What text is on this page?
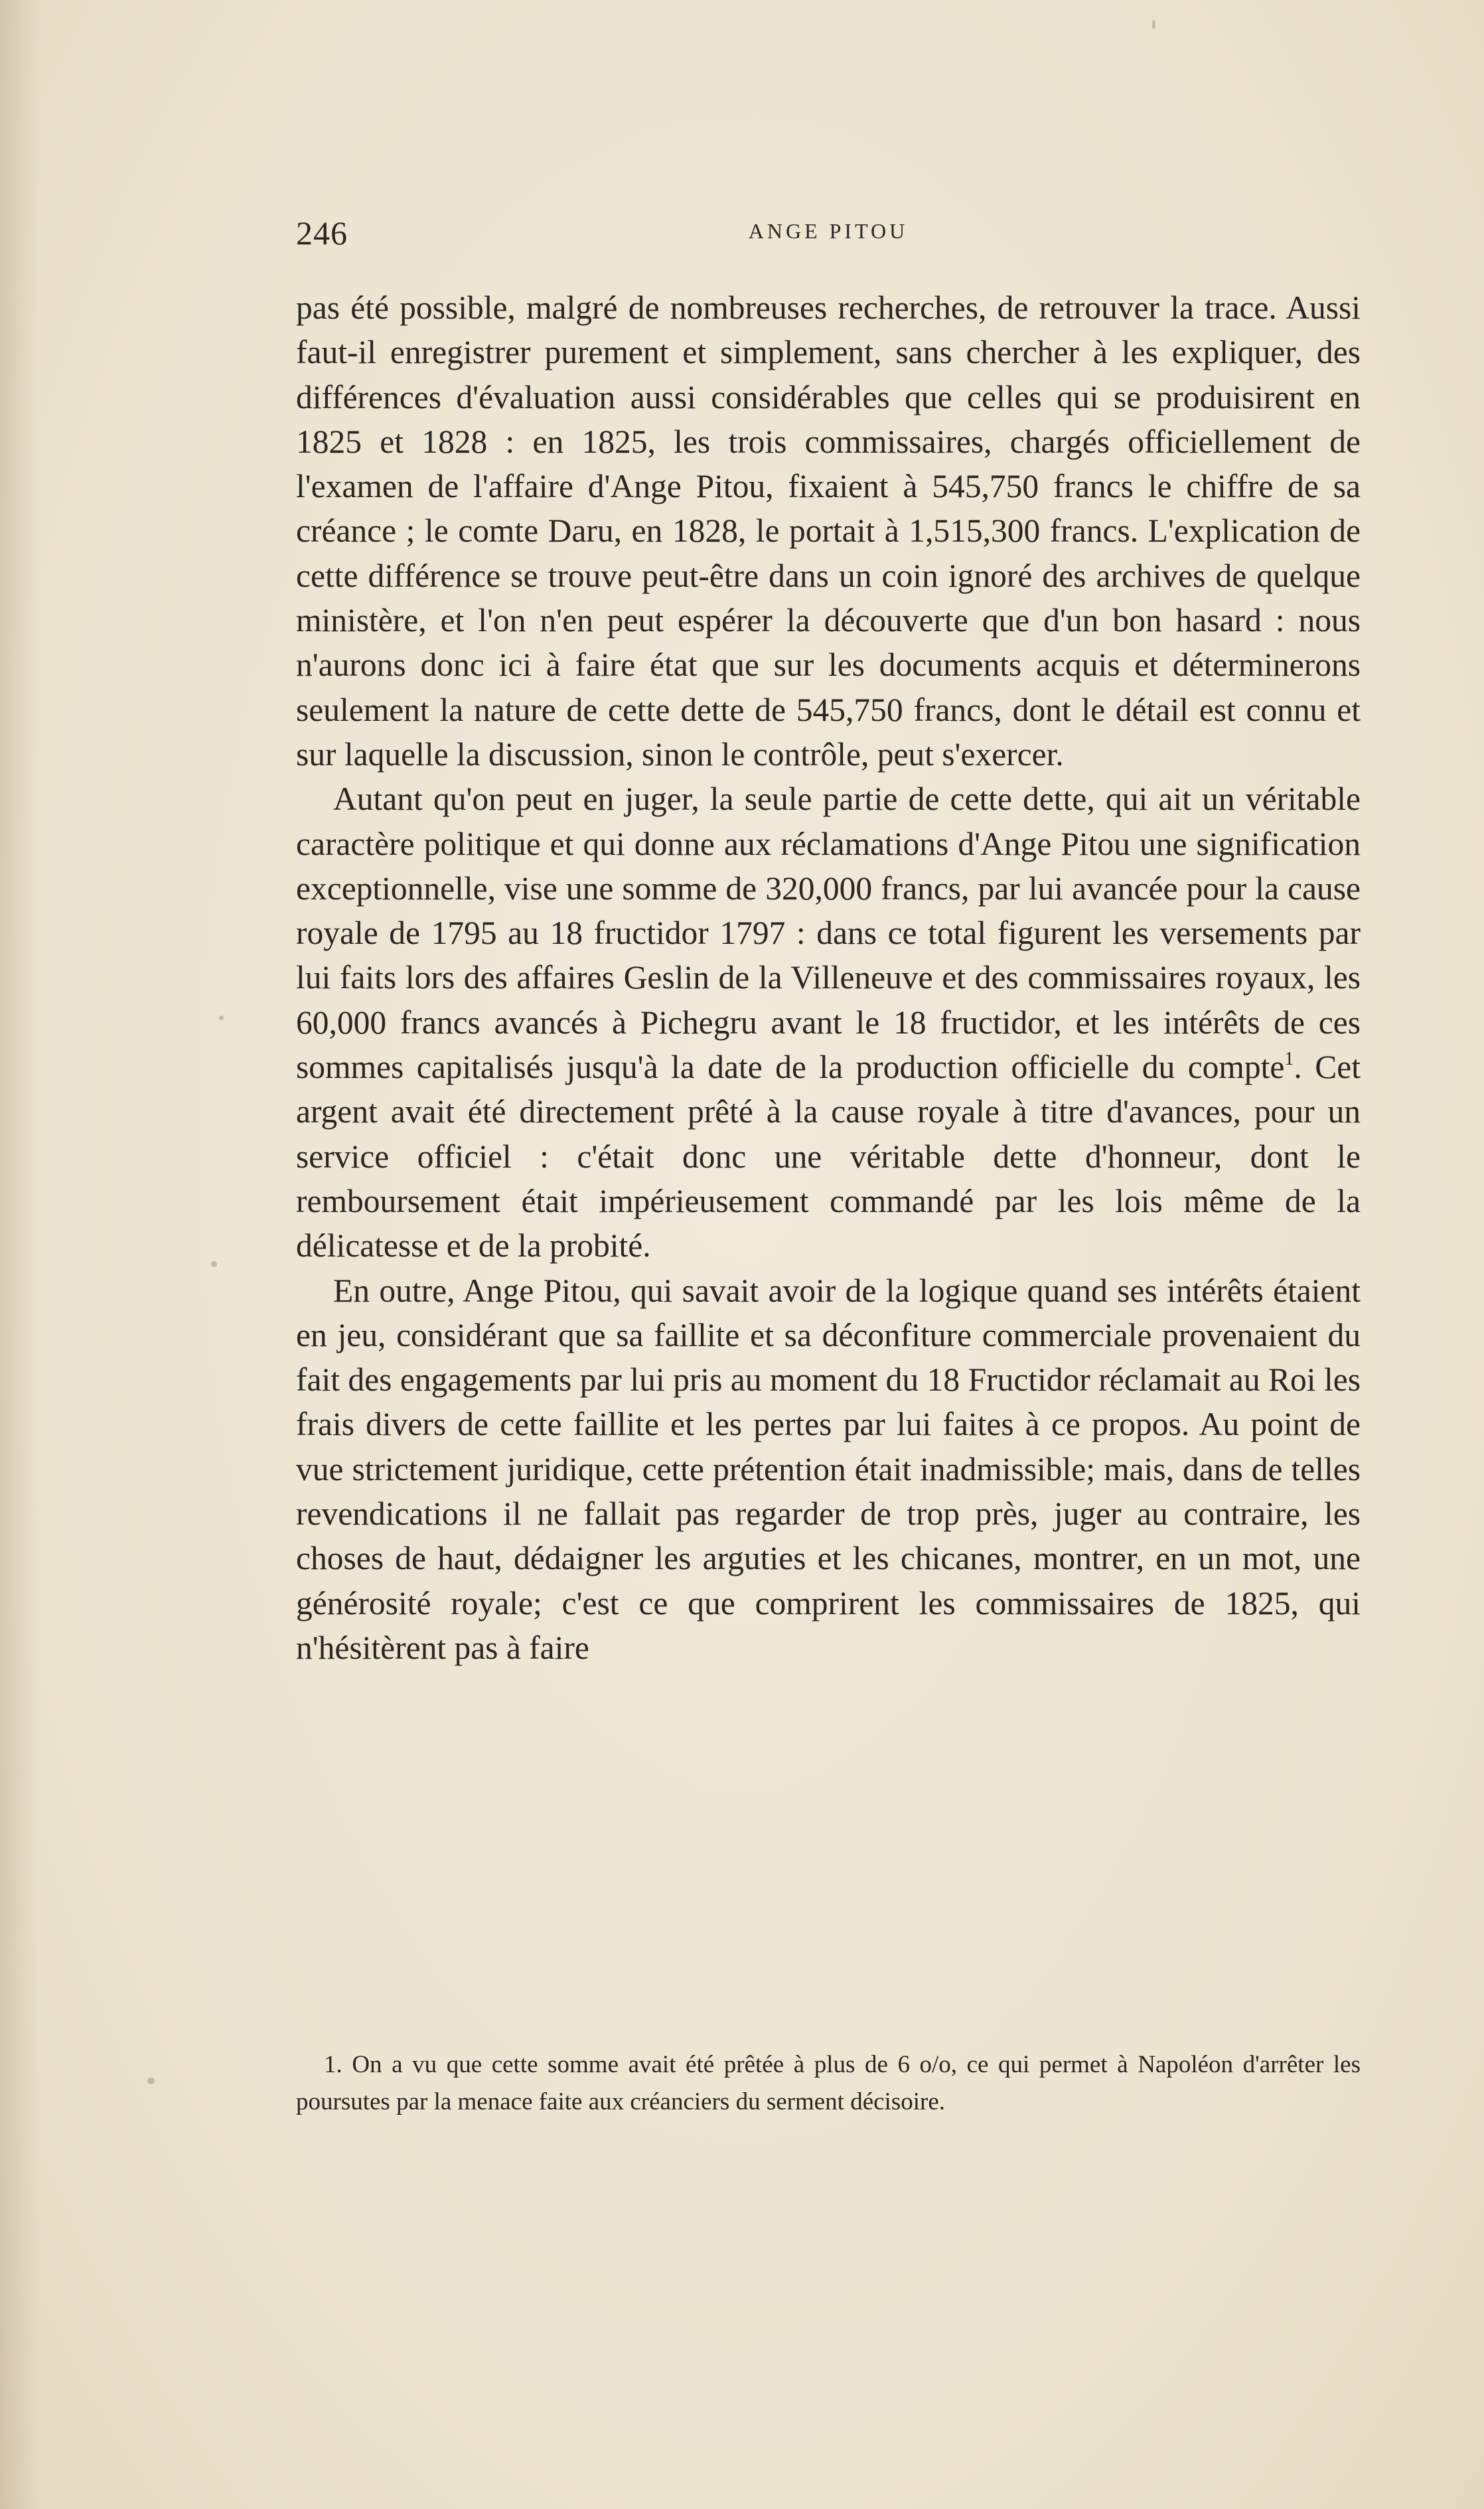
246	ANGE PITOU

pas été possible, malgré de nombreuses recherches, de retrouver la trace. Aussi faut-il enregistrer purement et simplement, sans chercher à les expliquer, des différences d'évaluation aussi considérables que celles qui se produisirent en 1825 et 1828 : en 1825, les trois commissaires, chargés officiellement de l'examen de l'affaire d'Ange Pitou, fixaient à 545,750 francs le chiffre de sa créance ; le comte Daru, en 1828, le portait à 1,515,300 francs. L'explication de cette différence se trouve peut-être dans un coin ignoré des archives de quelque ministère, et l'on n'en peut espérer la découverte que d'un bon hasard : nous n'aurons donc ici à faire état que sur les documents acquis et déterminerons seulement la nature de cette dette de 545,750 francs, dont le détail est connu et sur laquelle la discussion, sinon le contrôle, peut s'exercer.

Autant qu'on peut en juger, la seule partie de cette dette, qui ait un véritable caractère politique et qui donne aux réclamations d'Ange Pitou une signification exceptionnelle, vise une somme de 320,000 francs, par lui avancée pour la cause royale de 1795 au 18 fructidor 1797 : dans ce total figurent les versements par lui faits lors des affaires Geslin de la Villeneuve et des commissaires royaux, les 60,000 francs avancés à Pichegru avant le 18 fructidor, et les intérêts de ces sommes capitalisés jusqu'à la date de la production officielle du compte$^1$. Cet argent avait été directement prêté à la cause royale à titre d'avances, pour un service officiel : c'était donc une véritable dette d'honneur, dont le remboursement était impérieusement commandé par les lois même de la délicatesse et de la probité.

En outre, Ange Pitou, qui savait avoir de la logique quand ses intérêts étaient en jeu, considérant que sa faillite et sa déconfiture commerciale provenaient du fait des engagements par lui pris au moment du 18 Fructidor réclamait au Roi les frais divers de cette faillite et les pertes par lui faites à ce propos. Au point de vue strictement juridique, cette prétention était inadmissible; mais, dans de telles revendications il ne fallait pas regarder de trop près, juger au contraire, les choses de haut, dédaigner les arguties et les chicanes, montrer, en un mot, une générosité royale; c'est ce que comprirent les commissaires de 1825, qui n'hésitèrent pas à faire

1. On a vu que cette somme avait été prêtée à plus de 6 o/o, ce qui permet à Napoléon d'arrêter les poursutes par la menace faite aux créanciers du serment décisoire.
